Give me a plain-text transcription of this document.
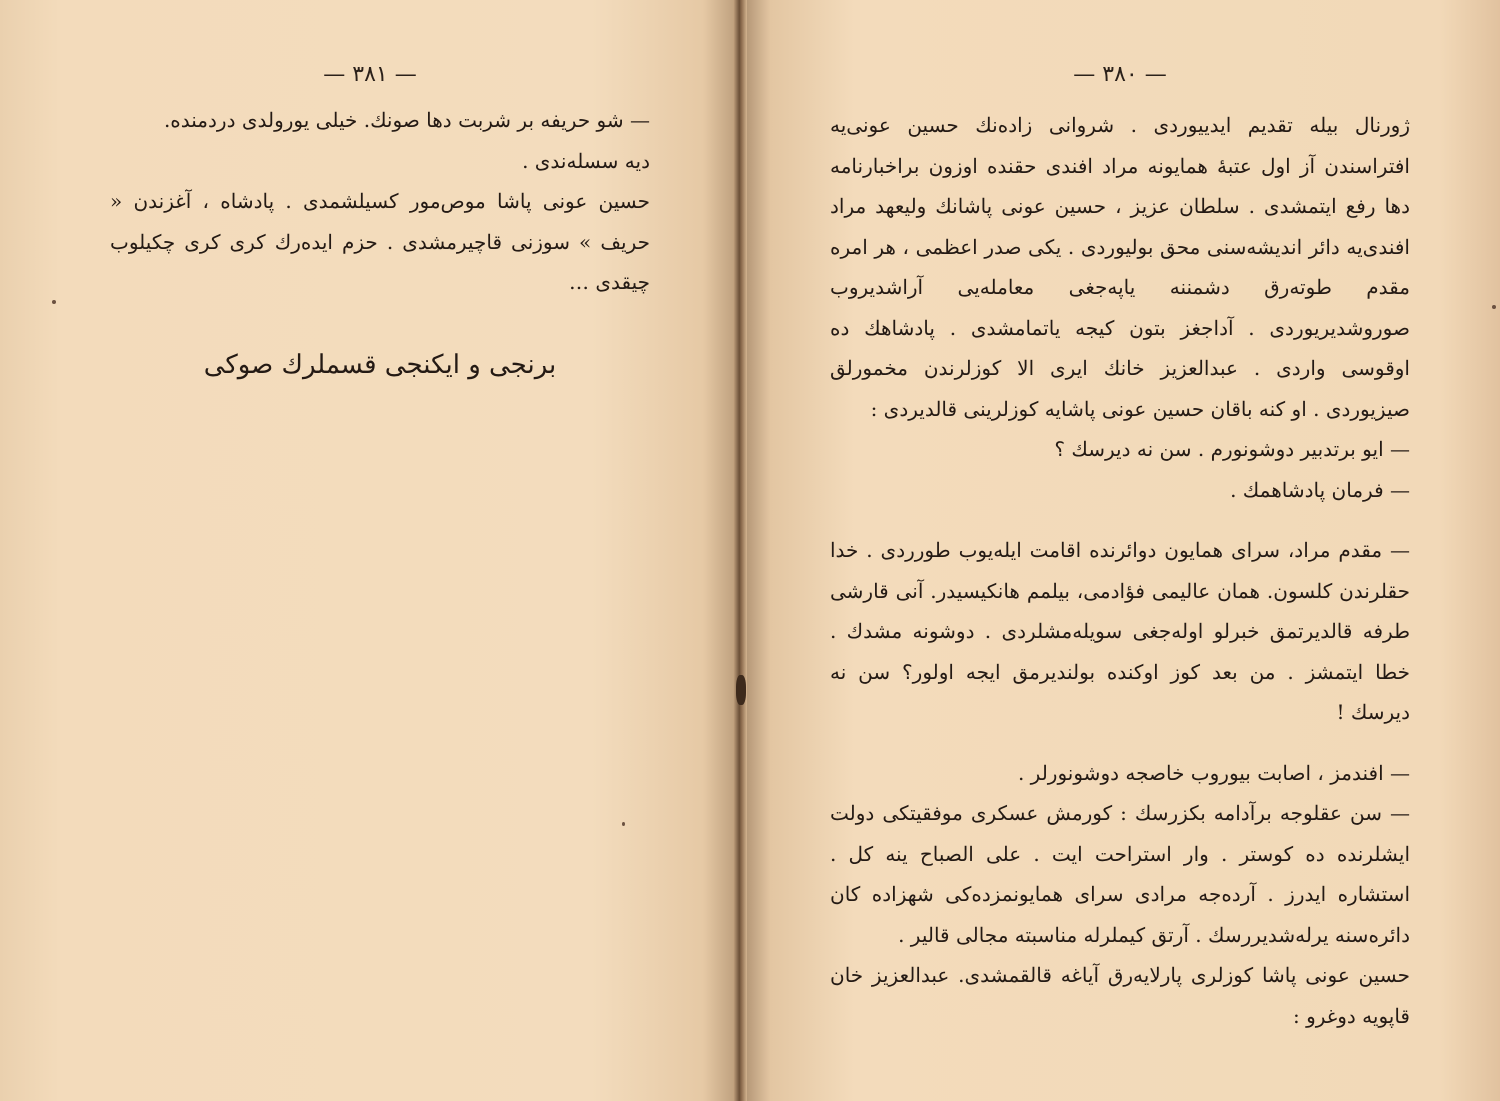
— ۳۸۱ —

— شو حریفه بر شربت دها صونك. خیلی یورولدی دردمندە.

دیه سسله‌ندی .

حسین عونی پاشا موص‌مور کسیلشمدی . پادشاه ، آغزندن « حریف » سوزنی قاچیرمشدی . حزم ایده‌رك کری کری چکیلوب چیقدی …

برنجی و ایکنجی قسملرك صوکی
— ۳۸۰ —

ژورنال بیله تقدیم ایدییوردی . شروانی زاده‌نك حسین عونی‌یه افتراسندن آز اول عتبهٔ همایونه مراد افندی حقنده اوزون براخبارنامه دها رفع ایتمشدی . سلطان عزیز ، حسین عونی پاشانك ولیعهد مراد افندی‌یه دائر اندیشه‌سنی محق بولیوردی . یکی صدر اعظمی ، هر امره مقدم طوته‌رق دشمننه یاپه‌جغی معامله‌یی آراشدیروب صوروشدیریوردی . آداجغز بتون کیجه یاتمامشدی . پادشاهك ده اوقوسی واردی . عبدالعزیز خانك ایری الا کوزلرندن مخمورلق صیزیوردی . او کنه باقان حسین عونی پاشایه کوزلرینی قالدیردی :

— ایو برتدبیر دوشونورم . سن نه دیرسك ؟

— فرمان پادشاهمك .

— مقدم مراد، سرای همایون دوائرنده اقامت ایله‌یوب طورردی . خدا حقلرندن کلسون. همان عالیمی فؤادمی، بیلمم هانکیسیدر. آنی قارشی طرفه قالدیرتمق خبرلو اوله‌جغی سویله‌مشلردی . دوشونه مشدك . خطا ایتمشز . من بعد کوز اوکنده بولندیرمق ایجه اولور؟ سن نه دیرسك !

— افندمز ، اصابت بیوروب خاصجه دوشونورلر .

— سن عقلوجه برآدامه بکزرسك : کورمش عسکری موفقیتکی دولت ایشلرنده ده کوستر . وار استراحت ایت . علی الصباح ینه کل . استشاره ایدرز . آرده‌جه مرادی سرای همایونمزده‌کی شهزاده کان دائره‌سنه یرله‌شدیررسك . آرتق کیملرله مناسبته مجالی قالیر .

حسین عونی پاشا کوزلری پارلایه‌رق آیاغه قالقمشدی. عبدالعزیز خان قاپویه دوغرو :
